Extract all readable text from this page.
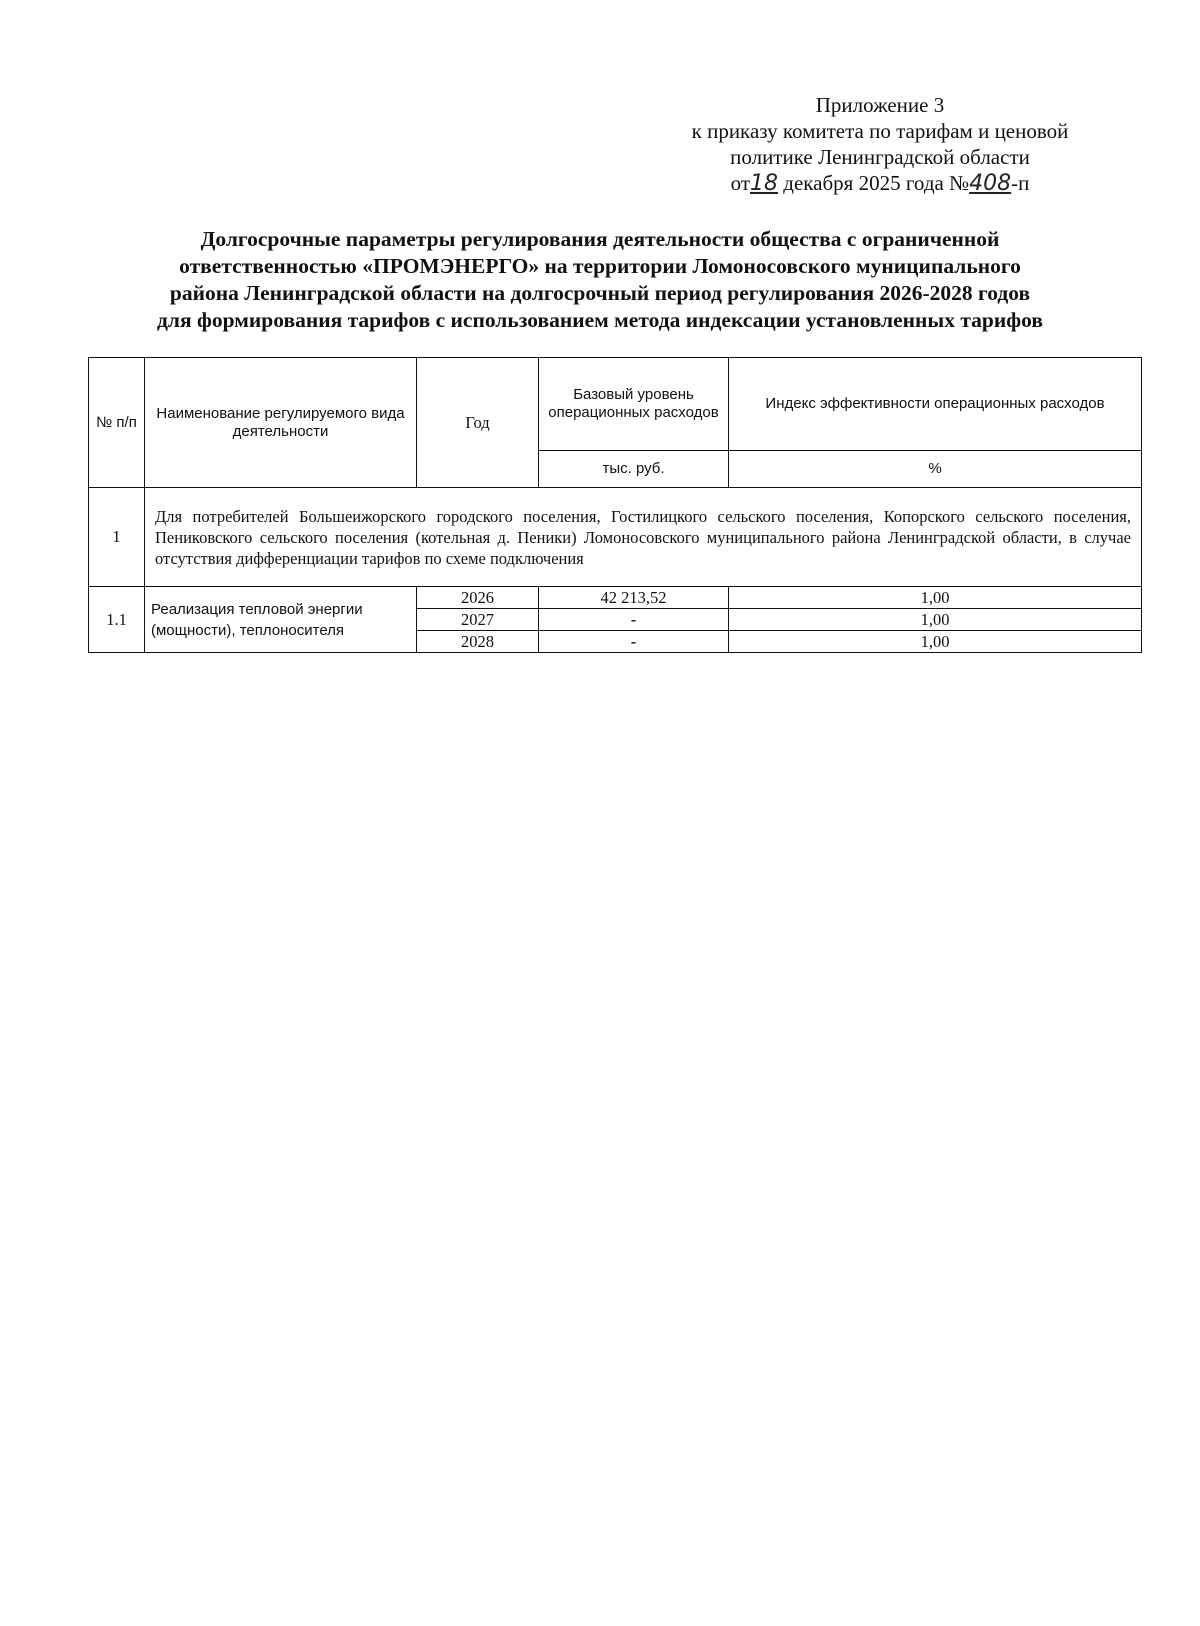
Приложение 3
к приказу комитета по тарифам и ценовой
политике Ленинградской области
от18 декабря 2025 года №408-п
Долгосрочные параметры регулирования деятельности общества с ограниченной
ответственностью «ПРОМЭНЕРГО» на территории Ломоносовского муниципального
района Ленинградской области на долгосрочный период регулирования 2026-2028 годов
для формирования тарифов с использованием метода индексации установленных тарифов
№ п/п	Наименование регулируемого вида деятельности	Год	Базовый уровень операционных расходов	Индекс эффективности операционных расходов
			тыс. руб.	%
1	Для потребителей Большеижорского городского поселения, Гостилицкого сельского поселения, Копорского сельского поселения, Пениковского сельского поселения (котельная д. Пеники) Ломоносовского муниципального района Ленинградской области, в случае отсутствия дифференциации тарифов по схеме подключения			
1.1	Реализация тепловой энергии (мощности), теплоносителя	2026	42 213,52	1,00
		2027	-	1,00
		2028	-	1,00
